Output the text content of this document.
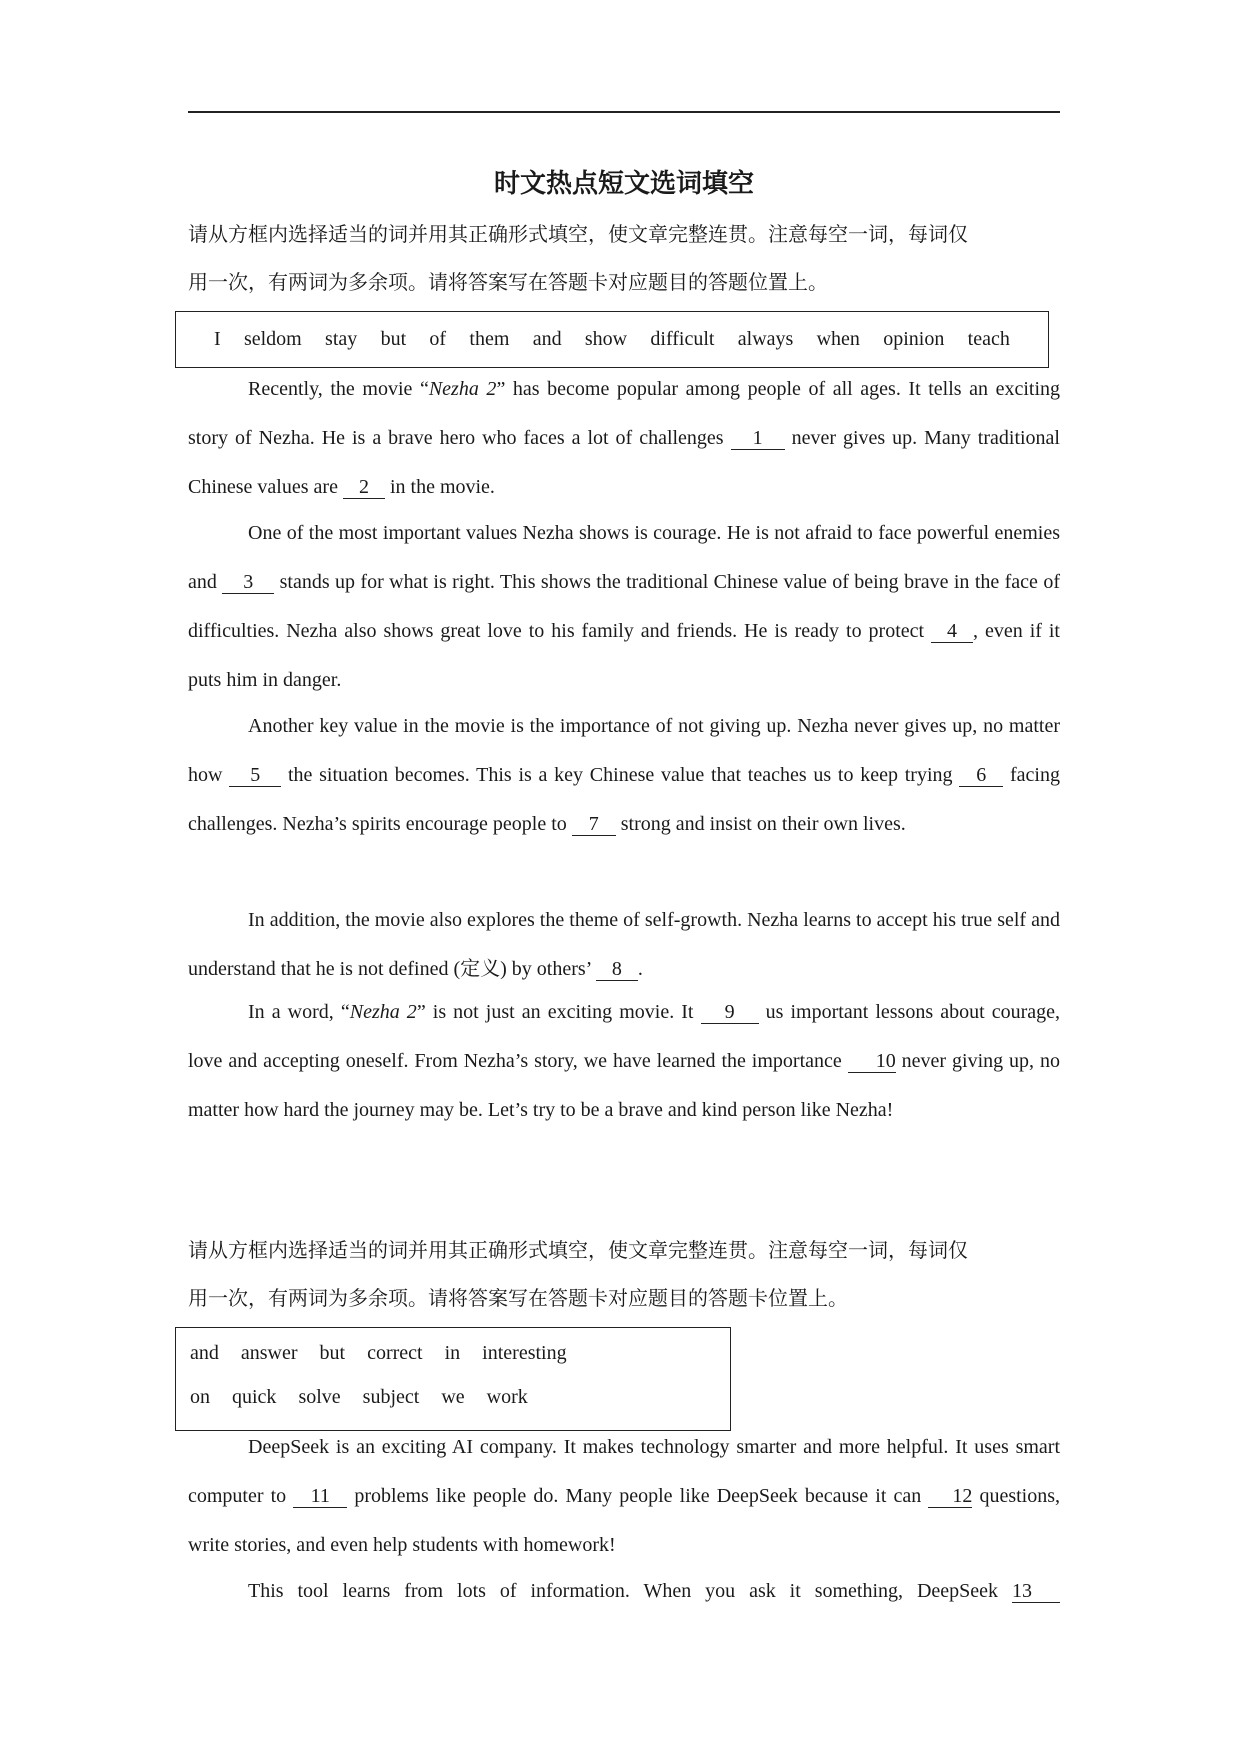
时文热点短文选词填空
请从方框内选择适当的词并用其正确形式填空，使文章完整连贯。注意每空一词，每词仅
用一次，有两词为多余项。请将答案写在答题卡对应题目的答题位置上。
I seldom stay but of them and show difficult always when opinion teach
Recently, the movie “Nezha 2” has become popular among people of all ages. It tells an exciting story of Nezha. He is a brave hero who faces a lot of challenges 1 never gives up. Many traditional Chinese values are 2 in the movie.
One of the most important values Nezha shows is courage. He is not afraid to face powerful enemies and 3 stands up for what is right. This shows the traditional Chinese value of being brave in the face of difficulties. Nezha also shows great love to his family and friends. He is ready to protect 4 , even if it puts him in danger.
Another key value in the movie is the importance of not giving up. Nezha never gives up, no matter how 5 the situation becomes. This is a key Chinese value that teaches us to keep trying 6 facing challenges. Nezha’s spirits encourage people to 7 strong and insist on their own lives.
In addition, the movie also explores the theme of self-growth. Nezha learns to accept his true self and understand that he is not defined (定义) by others’ 8 .
In a word, “Nezha 2” is not just an exciting movie. It 9 us important lessons about courage, love and accepting oneself. From Nezha’s story, we have learned the importance 10 never giving up, no matter how hard the journey may be. Let’s try to be a brave and kind person like Nezha!
请从方框内选择适当的词并用其正确形式填空，使文章完整连贯。注意每空一词，每词仅
用一次，有两词为多余项。请将答案写在答题卡对应题目的答题卡位置上。
and answer but correct in interesting
on quick solve subject we work
DeepSeek is an exciting AI company. It makes technology smarter and more helpful. It uses smart computer to 11 problems like people do. Many people like DeepSeek because it can 12 questions, write stories, and even help students with homework!
This tool learns from lots of information. When you ask it something, DeepSeek 13
